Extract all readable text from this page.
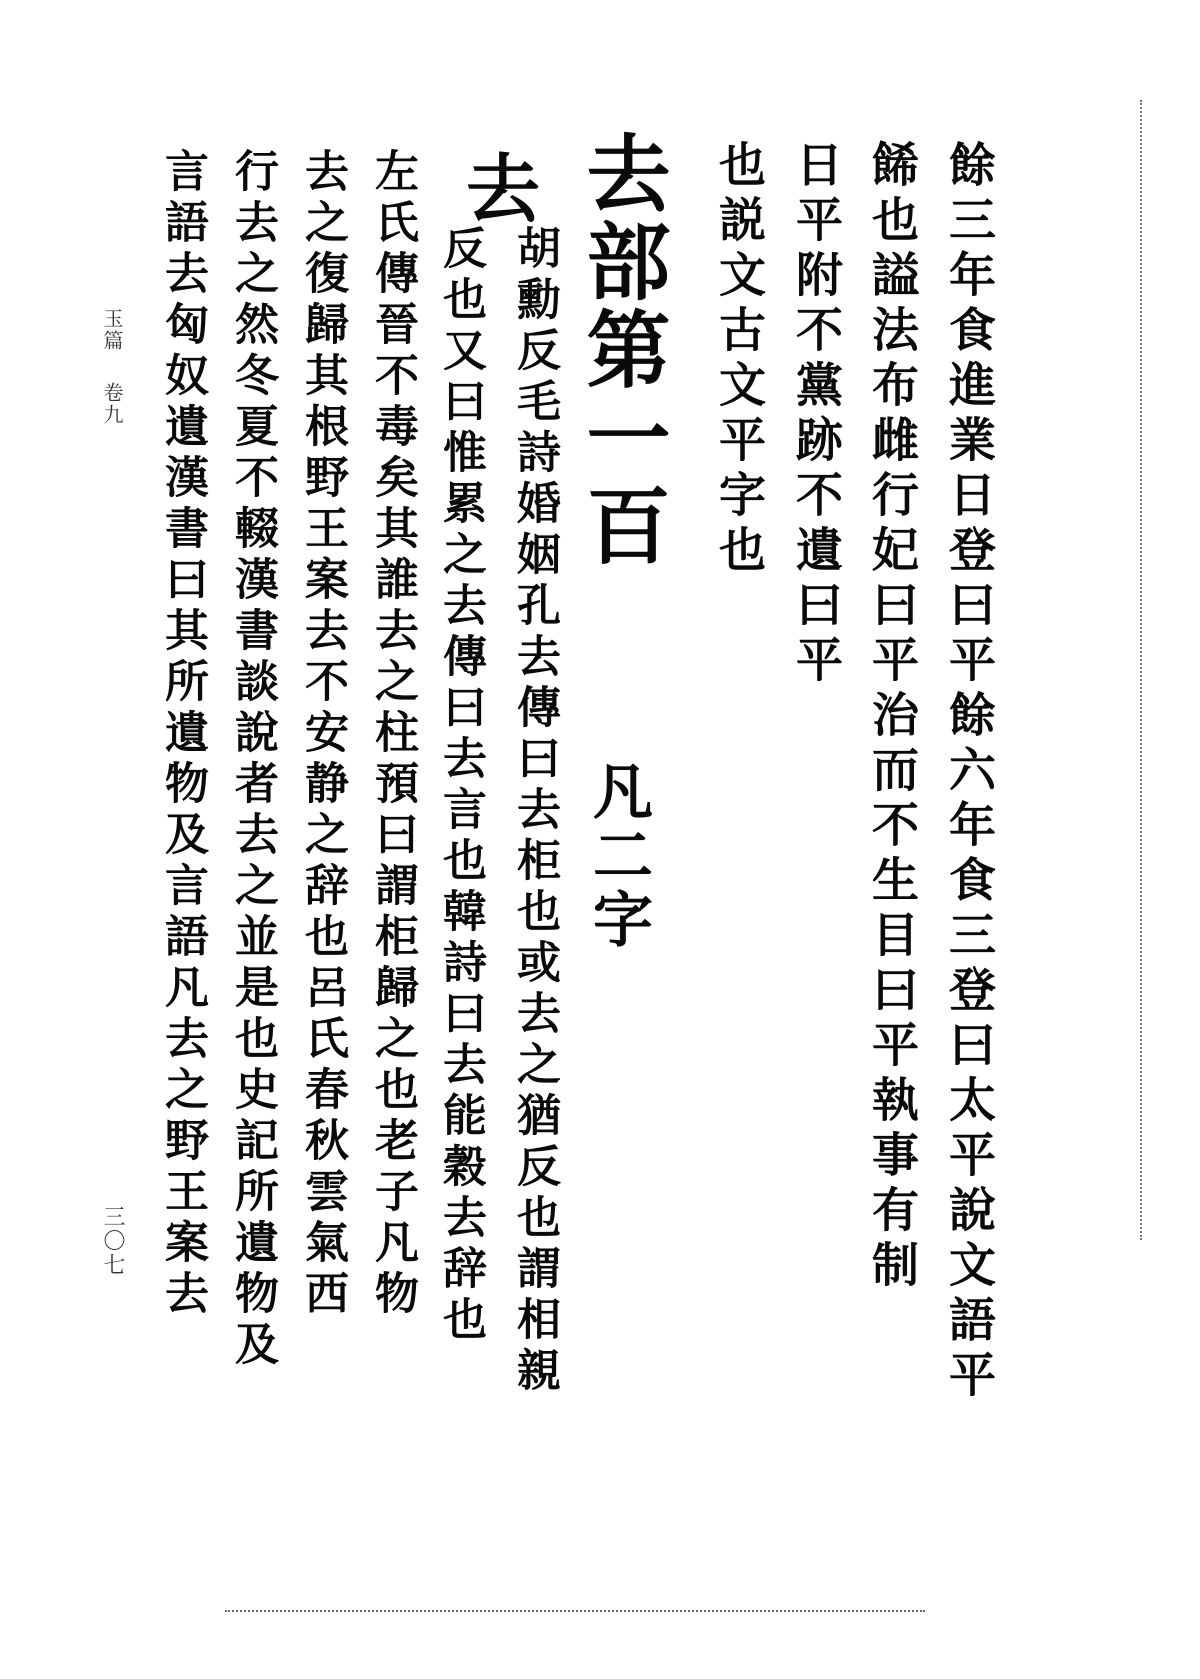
餘三年食進業日登曰平餘六年食三登曰太平說文語平
餙也謚法布雌行妃曰平治而不生目曰平執事有制
日平附不黨跡不遺曰平
也説文古文平字也
去部第一百
凡二字
去
胡勳反毛詩婚姻孔去傳曰去柜也或去之猶反也謂相親
反也又曰惟累之去傳曰去言也韓詩曰去能穀去辞也
左氏傳晉不毒矣其誰去之柱預曰謂柜歸之也老子凡物
去之復歸其根野王案去不安静之辞也呂氏春秋雲氣西
行去之然冬夏不輟漢書談說者去之並是也史記所遺物及
言語去匈奴遺漢書曰其所遺物及言語凡去之野王案去
玉篇
卷九
三〇七
